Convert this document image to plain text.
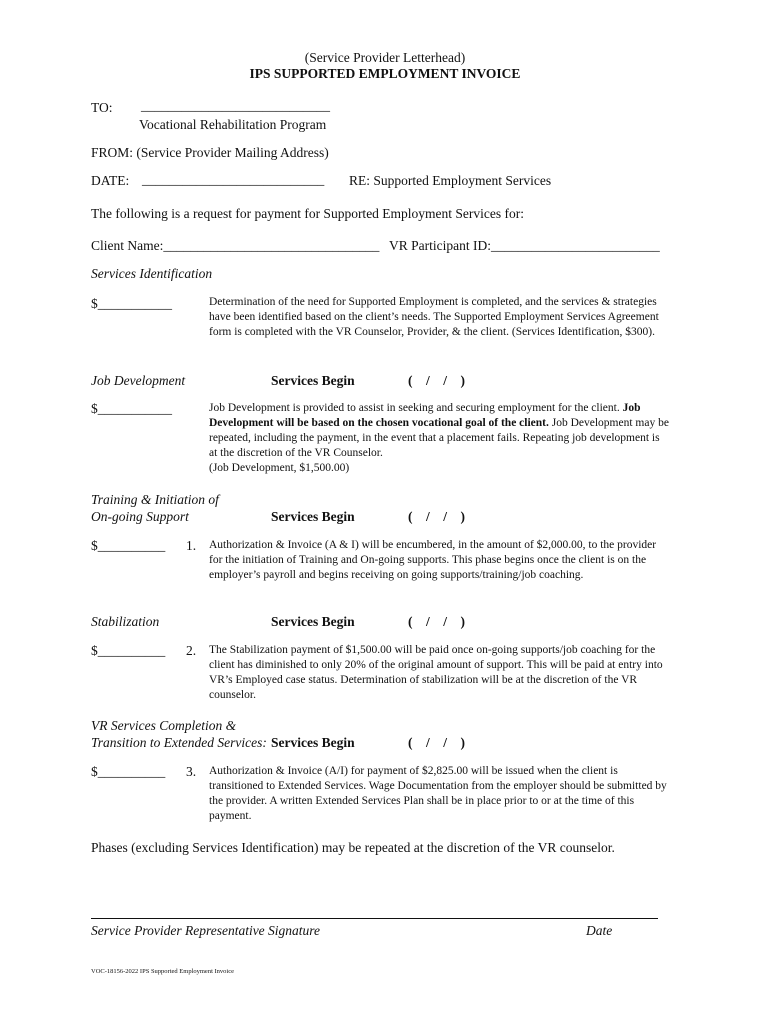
(Service Provider Letterhead)
IPS SUPPORTED EMPLOYMENT INVOICE
TO: ____________________________
Vocational Rehabilitation Program
FROM: (Service Provider Mailing Address)
DATE: ___________________________ RE: Supported Employment Services
The following is a request for payment for Supported Employment Services for:
Client Name:________________________________ VR Participant ID:_________________________
Services Identification
$___________	Determination of the need for Supported Employment is completed, and the services & strategies have been identified based on the client’s needs. The Supported Employment Services Agreement form is completed with the VR Counselor, Provider, & the client. (Services Identification, $300).
Job Development	Services Begin	(    /    /    )
$___________	Job Development is provided to assist in seeking and securing employment for the client. Job Development will be based on the chosen vocational goal of the client. Job Development may be repeated, including the payment, in the event that a placement fails. Repeating job development is at the discretion of the VR Counselor.
(Job Development, $1,500.00)
Training & Initiation of
On-going Support	Services Begin	(    /    /    )
$__________ 1. Authorization & Invoice (A & I) will be encumbered, in the amount of $2,000.00, to the provider for the initiation of Training and On-going supports. This phase begins once the client is on the employer’s payroll and begins receiving on going supports/training/job coaching.
Stabilization	Services Begin	(    /    /    )
$__________ 2. The Stabilization payment of $1,500.00 will be paid once on-going supports/job coaching for the client has diminished to only 20% of the original amount of support. This will be paid at entry into VR’s Employed case status. Determination of stabilization will be at the discretion of the VR counselor.
VR Services Completion &
Transition to Extended Services: Services Begin	(    /    /    )
$__________ 3. Authorization & Invoice (A/I) for payment of $2,825.00 will be issued when the client is transitioned to Extended Services. Wage Documentation from the employer should be submitted by the provider. A written Extended Services Plan shall be in place prior to or at the time of this payment.
Phases (excluding Services Identification) may be repeated at the discretion of the VR counselor.
Service Provider Representative Signature	Date
VOC-18156-2022 IPS Supported Employment Invoice
